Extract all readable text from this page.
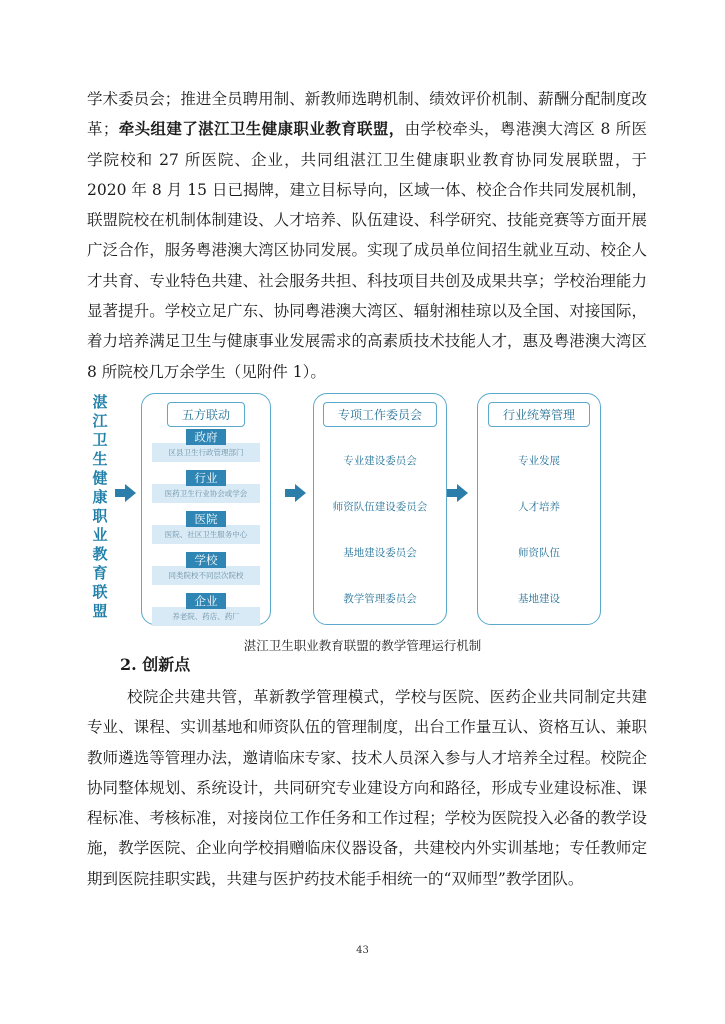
学术委员会；推进全员聘用制、新教师选聘机制、绩效评价机制、薪酬分配制度改革；牵头组建了湛江卫生健康职业教育联盟，由学校牵头，粤港澳大湾区 8 所医学院校和 27 所医院、企业，共同组湛江卫生健康职业教育协同发展联盟，于 2020 年 8 月 15 日已揭牌，建立目标导向，区域一体、校企合作共同发展机制，联盟院校在机制体制建设、人才培养、队伍建设、科学研究、技能竞赛等方面开展广泛合作，服务粤港澳大湾区协同发展。实现了成员单位间招生就业互动、校企人才共育、专业特色共建、社会服务共担、科技项目共创及成果共享；学校治理能力显著提升。学校立足广东、协同粤港澳大湾区、辐射湘桂琼以及全国、对接国际，着力培养满足卫生与健康事业发展需求的高素质技术技能人才，惠及粤港澳大湾区 8 所院校几万余学生（见附件 1）。

湛江卫生健康职业教育联盟
五方联动
区县卫生行政管理部门
政府
医药卫生行业协会或学会
行业
医院、社区卫生服务中心
医院
同类院校不同层次院校
学校
养老院、药店、药厂
企业
专项工作委员会
专业建设委员会
师资队伍建设委员会
基地建设委员会
教学管理委员会
行业统筹管理
专业发展
人才培养
师资队伍
基地建设

湛江卫生职业教育联盟的教学管理运行机制

2. 创新点

校院企共建共管，革新教学管理模式，学校与医院、医药企业共同制定共建专业、课程、实训基地和师资队伍的管理制度，出台工作量互认、资格互认、兼职教师遴选等管理办法，邀请临床专家、技术人员深入参与人才培养全过程。校院企协同整体规划、系统设计，共同研究专业建设方向和路径，形成专业建设标准、课程标准、考核标准，对接岗位工作任务和工作过程；学校为医院投入必备的教学设施，教学医院、企业向学校捐赠临床仪器设备，共建校内外实训基地；专任教师定期到医院挂职实践，共建与医护药技术能手相统一的“双师型”教学团队。

43
